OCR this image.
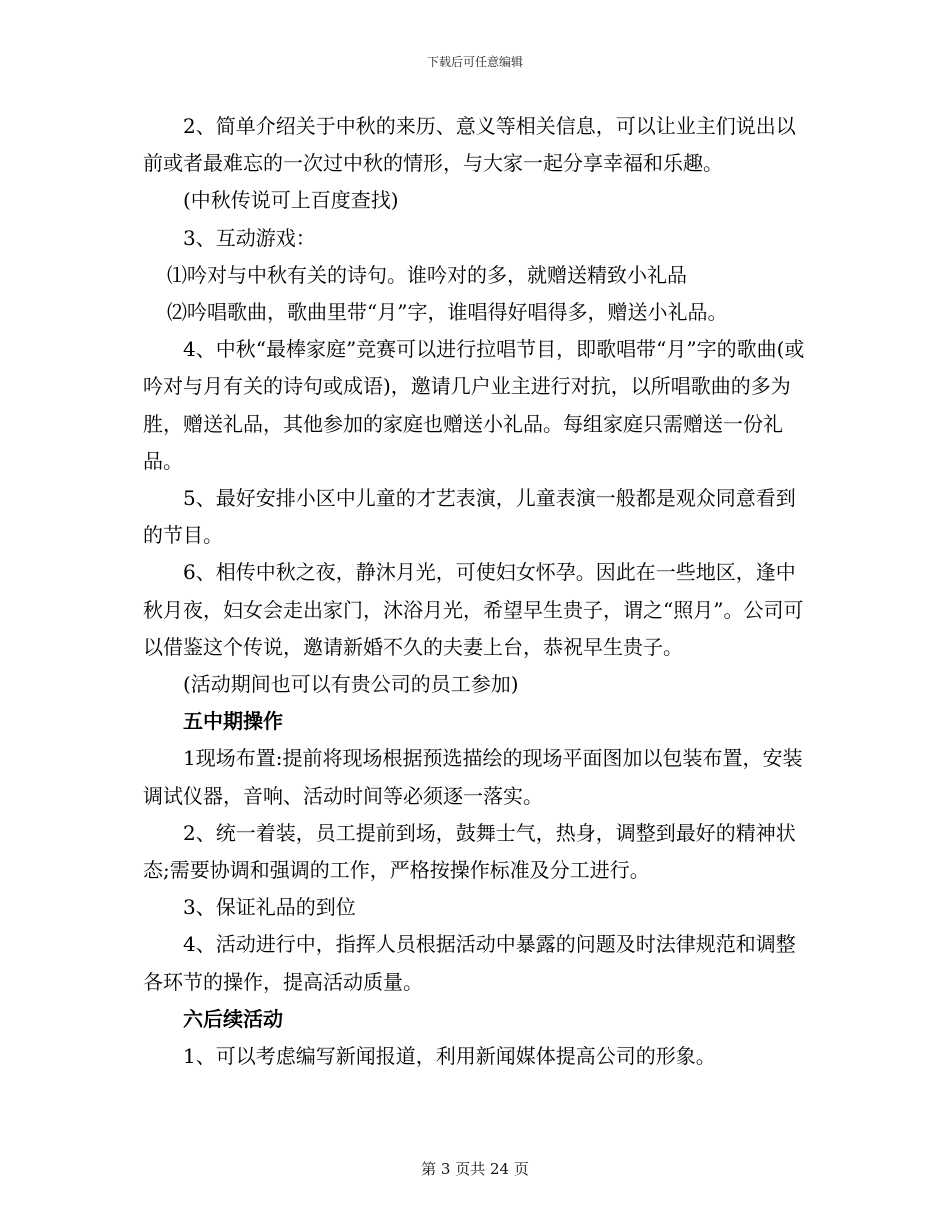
下载后可任意编辑

2、简单介绍关于中秋的来历、意义等相关信息，可以让业主们说出以前或者最难忘的一次过中秋的情形，与大家一起分享幸福和乐趣。

(中秋传说可上百度查找)

3、互动游戏：

⑴吟对与中秋有关的诗句。谁吟对的多，就赠送精致小礼品

⑵吟唱歌曲，歌曲里带“月”字，谁唱得好唱得多，赠送小礼品。

4、中秋“最棒家庭”竞赛可以进行拉唱节目，即歌唱带“月”字的歌曲(或吟对与月有关的诗句或成语)，邀请几户业主进行对抗，以所唱歌曲的多为胜，赠送礼品，其他参加的家庭也赠送小礼品。每组家庭只需赠送一份礼品。

5、最好安排小区中儿童的才艺表演，儿童表演一般都是观众同意看到的节目。

6、相传中秋之夜，静沐月光，可使妇女怀孕。因此在一些地区，逢中秋月夜，妇女会走出家门，沐浴月光，希望早生贵子，谓之“照月”。公司可以借鉴这个传说，邀请新婚不久的夫妻上台，恭祝早生贵子。

(活动期间也可以有贵公司的员工参加)

五中期操作

1现场布置:提前将现场根据预选描绘的现场平面图加以包装布置，安装调试仪器，音响、活动时间等必须逐一落实。

2、统一着装，员工提前到场，鼓舞士气，热身，调整到最好的精神状态;需要协调和强调的工作，严格按操作标准及分工进行。

3、保证礼品的到位

4、活动进行中，指挥人员根据活动中暴露的问题及时法律规范和调整各环节的操作，提高活动质量。

六后续活动

1、可以考虑编写新闻报道，利用新闻媒体提高公司的形象。

第 3 页共 24 页
